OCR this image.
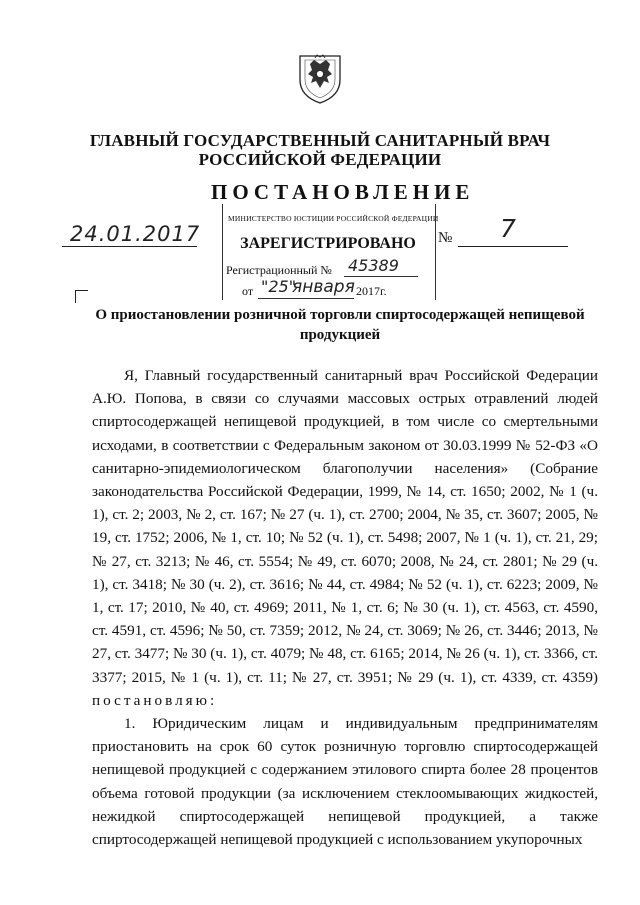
ГЛАВНЫЙ ГОСУДАРСТВЕННЫЙ САНИТАРНЫЙ ВРАЧ
РОССИЙСКОЙ ФЕДЕРАЦИИ
ПОСТАНОВЛЕНИЕ
24.01.2017	№ 7
МИНИСТЕРСТВО ЮСТИЦИИ РОССИЙСКОЙ ФЕДЕРАЦИИ
ЗАРЕГИСТРИРОВАНО
Регистрационный № 45389
от "25"
января 2017г.
О приостановлении розничной торговли спиртосодержащей непищевой продукцией

Я, Главный государственный санитарный врач Российской Федерации А.Ю. Попова, в связи со случаями массовых острых отравлений людей спиртосодержащей непищевой продукцией, в том числе со смертельными исходами, в соответствии с Федеральным законом от 30.03.1999 № 52-ФЗ «О санитарно-эпидемиологическом благополучии населения» (Собрание законодательства Российской Федерации, 1999, № 14, ст. 1650; 2002, № 1 (ч. 1), ст. 2; 2003, № 2, ст. 167; № 27 (ч. 1), ст. 2700; 2004, № 35, ст. 3607; 2005, № 19, ст. 1752; 2006, № 1, ст. 10; № 52 (ч. 1), ст. 5498; 2007, № 1 (ч. 1), ст. 21, 29; № 27, ст. 3213; № 46, ст. 5554; № 49, ст. 6070; 2008, № 24, ст. 2801; № 29 (ч. 1), ст. 3418; № 30 (ч. 2), ст. 3616; № 44, ст. 4984; № 52 (ч. 1), ст. 6223; 2009, № 1, ст. 17; 2010, № 40, ст. 4969; 2011, № 1, ст. 6; № 30 (ч. 1), ст. 4563, ст. 4590, ст. 4591, ст. 4596; № 50, ст. 7359; 2012, № 24, ст. 3069; № 26, ст. 3446; 2013, № 27, ст. 3477; № 30 (ч. 1), ст. 4079; № 48, ст. 6165; 2014, № 26 (ч. 1), ст. 3366, ст. 3377; 2015, № 1 (ч. 1), ст. 11; № 27, ст. 3951; № 29 (ч. 1), ст. 4339, ст. 4359) постановляю:

1. Юридическим лицам и индивидуальным предпринимателям приостановить на срок 60 суток розничную торговлю спиртосодержащей непищевой продукцией с содержанием этилового спирта более 28 процентов объема готовой продукции (за исключением стеклоомывающих жидкостей, нежидкой спиртосодержащей непищевой продукцией, а также спиртосодержащей непищевой продукцией с использованием укупорочных
